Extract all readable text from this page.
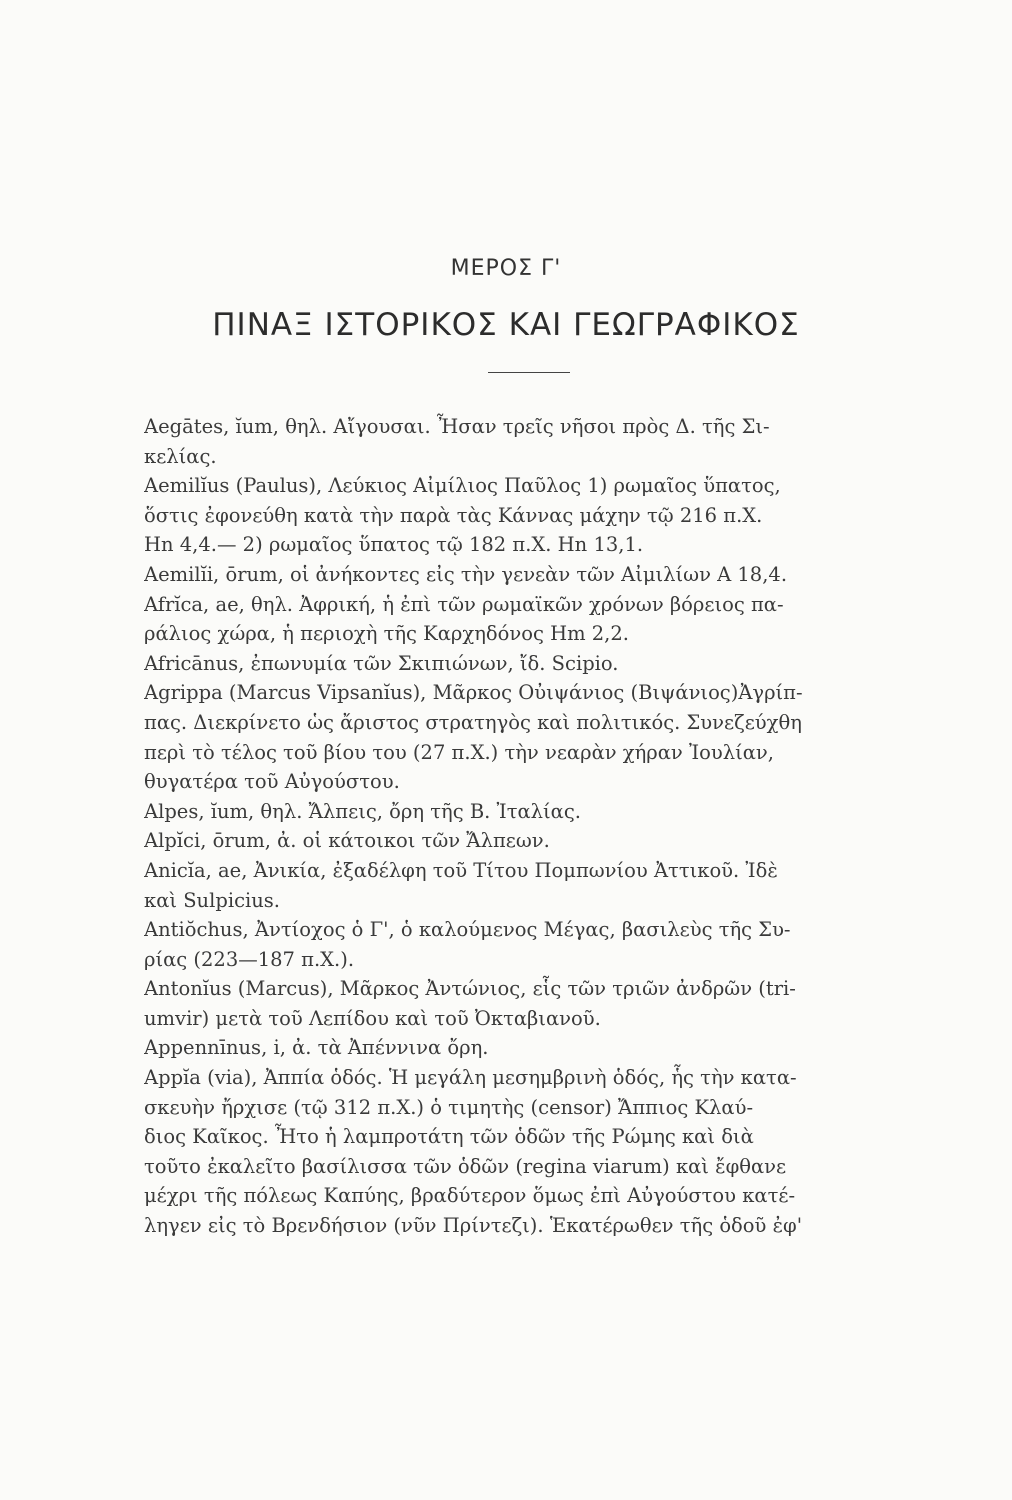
ΜΕΡΟΣ Γ'
ΠΙΝΑΞ ΙΣΤΟΡΙΚΟΣ ΚΑΙ ΓΕΩΓΡΑΦΙΚΟΣ
Aegātes, ĭum, θηλ. Αἴγουσαι. Ἦσαν τρεῖς νῆσοι πρὸς Δ. τῆς Σι-
κελίας.
Aemilĭus (Paulus), Λεύκιος Αἰμίλιος Παῦλος 1) ρωμαῖος ὕπατος,
ὅστις ἐφονεύθη κατὰ τὴν παρὰ τὰς Κάννας μάχην τῷ 216 π.Χ.
Ηn 4,4.— 2) ρωμαῖος ὕπατος τῷ 182 π.Χ. Ηn 13,1.
Aemilĭi, ōrum, οἱ ἀνήκοντες εἰς τὴν γενεὰν τῶν Αἰμιλίων Α 18,4.
Afrĭca, ae, θηλ. Ἀφρική, ἡ ἐπὶ τῶν ρωμαϊκῶν χρόνων βόρειος πα-
ράλιος χώρα, ἡ περιοχὴ τῆς Καρχηδόνος Ηm 2,2.
Africānus, ἐπωνυμία τῶν Σκιπιώνων, ἴδ. Scipio.
Agrippa (Marcus Vipsanĭus), Μᾶρκος Οὐιψάνιος (Βιψάνιος)Ἀγρίπ-
πας. Διεκρίνετο ὡς ἄριστος στρατηγὸς καὶ πολιτικός. Συνεζεύχθη
περὶ τὸ τέλος τοῦ βίου του (27 π.Χ.) τὴν νεαρὰν χήραν Ἰουλίαν,
θυγατέρα τοῦ Αὐγούστου.
Alpes, ĭum, θηλ. Ἄλπεις, ὄρη τῆς Β. Ἰταλίας.
Alpĭci, ōrum, ἀ. οἱ κάτοικοι τῶν Ἄλπεων.
Anicĭa, ae, Ἀνικία, ἐξαδέλφη τοῦ Τίτου Πομπωνίου Ἀττικοῦ. Ἰδὲ
καὶ Sulpicius.
Antiŏchus, Ἀντίοχος ὁ Γ', ὁ καλούμενος Μέγας, βασιλεὺς τῆς Συ-
ρίας (223—187 π.Χ.).
Antonĭus (Marcus), Μᾶρκος Ἀντώνιος, εἷς τῶν τριῶν ἀνδρῶν (tri-
umvir) μετὰ τοῦ Λεπίδου καὶ τοῦ Ὀκταβιανοῦ.
Appennīnus, i, ἀ. τὰ Ἀπέννινα ὄρη.
Appĭa (via), Ἀππία ὁδός. Ἡ μεγάλη μεσημβρινὴ ὁδός, ἧς τὴν κατα-
σκευὴν ἤρχισε (τῷ 312 π.Χ.) ὁ τιμητὴς (censor) Ἄππιος Κλαύ-
διος Καῖκος. Ἦτο ἡ λαμπροτάτη τῶν ὁδῶν τῆς Ρώμης καὶ διὰ
τοῦτο ἐκαλεῖτο βασίλισσα τῶν ὁδῶν (regina viarum) καὶ ἔφθανε
μέχρι τῆς πόλεως Καπύης, βραδύτερον ὅμως ἐπὶ Αὐγούστου κατέ-
ληγεν εἰς τὸ Βρενδήσιον (νῦν Πρίντεζι). Ἑκατέρωθεν τῆς ὁδοῦ ἐφ'
